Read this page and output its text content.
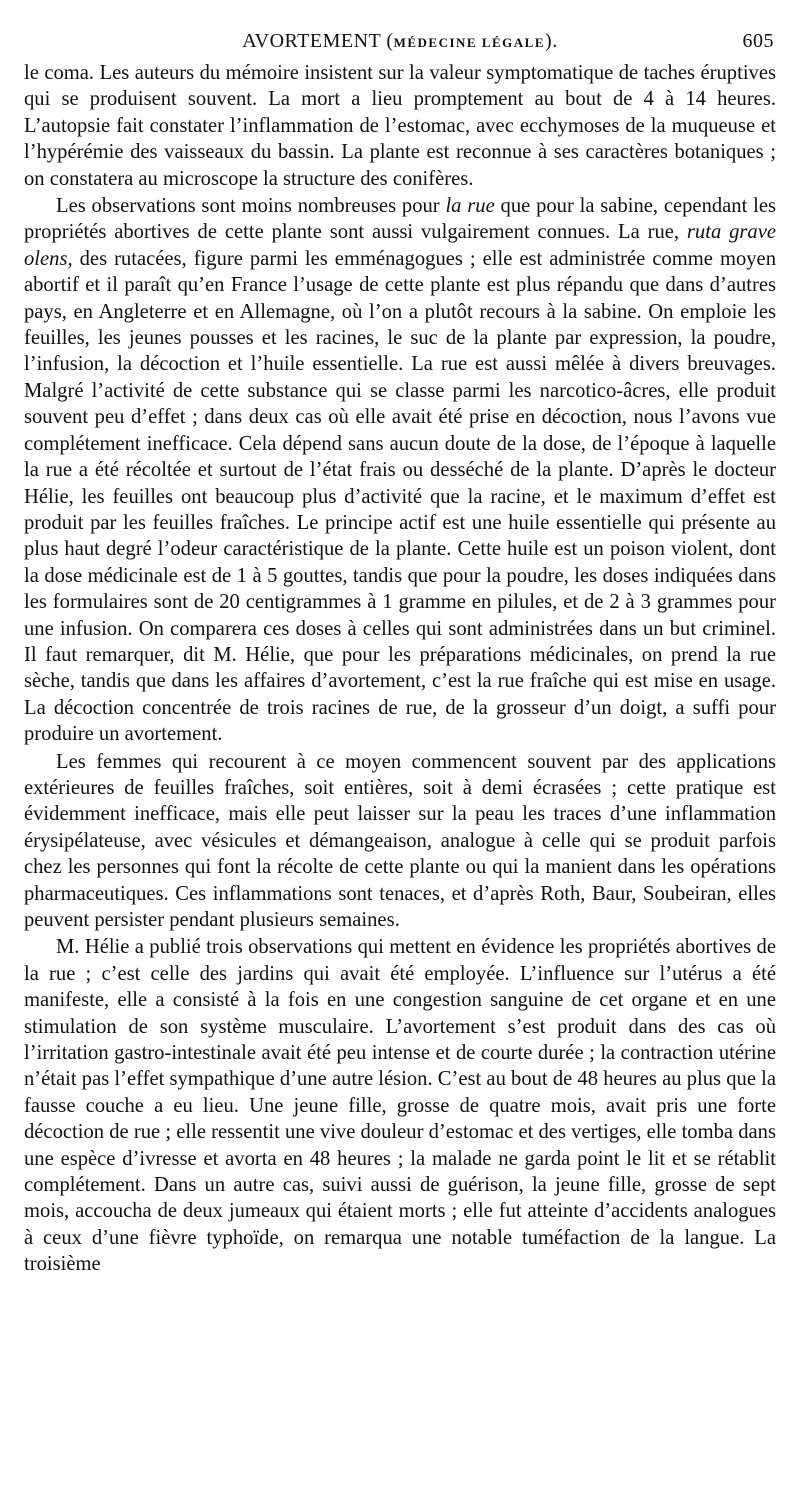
AVORTEMENT (MÉDECINE LÉGALE).	605

le coma. Les auteurs du mémoire insistent sur la valeur symptomatique de taches éruptives qui se produisent souvent. La mort a lieu promptement au bout de 4 à 14 heures. L’autopsie fait constater l’inflammation de l’estomac, avec ecchymoses de la muqueuse et l’hypérémie des vaisseaux du bassin. La plante est reconnue à ses caractères botaniques ; on constatera au microscope la structure des conifères.

Les observations sont moins nombreuses pour la rue que pour la sabine, cependant les propriétés abortives de cette plante sont aussi vulgairement connues. La rue, ruta grave olens, des rutacées, figure parmi les emménagogues ; elle est administrée comme moyen abortif et il paraît qu’en France l’usage de cette plante est plus répandu que dans d’autres pays, en Angleterre et en Allemagne, où l’on a plutôt recours à la sabine. On emploie les feuilles, les jeunes pousses et les racines, le suc de la plante par expression, la poudre, l’infusion, la décoction et l’huile essentielle. La rue est aussi mêlée à divers breuvages. Malgré l’activité de cette substance qui se classe parmi les narcotico-âcres, elle produit souvent peu d’effet ; dans deux cas où elle avait été prise en décoction, nous l’avons vue complétement inefficace. Cela dépend sans aucun doute de la dose, de l’époque à laquelle la rue a été récoltée et surtout de l’état frais ou desséché de la plante. D’après le docteur Hélie, les feuilles ont beaucoup plus d’activité que la racine, et le maximum d’effet est produit par les feuilles fraîches. Le principe actif est une huile essentielle qui présente au plus haut degré l’odeur caractéristique de la plante. Cette huile est un poison violent, dont la dose médicinale est de 1 à 5 gouttes, tandis que pour la poudre, les doses indiquées dans les formulaires sont de 20 centigrammes à 1 gramme en pilules, et de 2 à 3 grammes pour une infusion. On comparera ces doses à celles qui sont administrées dans un but criminel. Il faut remarquer, dit M. Hélie, que pour les préparations médicinales, on prend la rue sèche, tandis que dans les affaires d’avortement, c’est la rue fraîche qui est mise en usage. La décoction concentrée de trois racines de rue, de la grosseur d’un doigt, a suffi pour produire un avortement.

Les femmes qui recourent à ce moyen commencent souvent par des applications extérieures de feuilles fraîches, soit entières, soit à demi écrasées ; cette pratique est évidemment inefficace, mais elle peut laisser sur la peau les traces d’une inflammation érysipélateuse, avec vésicules et démangeaison, analogue à celle qui se produit parfois chez les personnes qui font la récolte de cette plante ou qui la manient dans les opérations pharmaceutiques. Ces inflammations sont tenaces, et d’après Roth, Baur, Soubeiran, elles peuvent persister pendant plusieurs semaines.

M. Hélie a publié trois observations qui mettent en évidence les propriétés abortives de la rue ; c’est celle des jardins qui avait été employée. L’influence sur l’utérus a été manifeste, elle a consisté à la fois en une congestion sanguine de cet organe et en une stimulation de son système musculaire. L’avortement s’est produit dans des cas où l’irritation gastro-intestinale avait été peu intense et de courte durée ; la contraction utérine n’était pas l’effet sympathique d’une autre lésion. C’est au bout de 48 heures au plus que la fausse couche a eu lieu. Une jeune fille, grosse de quatre mois, avait pris une forte décoction de rue ; elle ressentit une vive douleur d’estomac et des vertiges, elle tomba dans une espèce d’ivresse et avorta en 48 heures ; la malade ne garda point le lit et se rétablit complétement. Dans un autre cas, suivi aussi de guérison, la jeune fille, grosse de sept mois, accoucha de deux jumeaux qui étaient morts ; elle fut atteinte d’accidents analogues à ceux d’une fièvre typhoïde, on remarqua une notable tuméfaction de la langue. La troisième
